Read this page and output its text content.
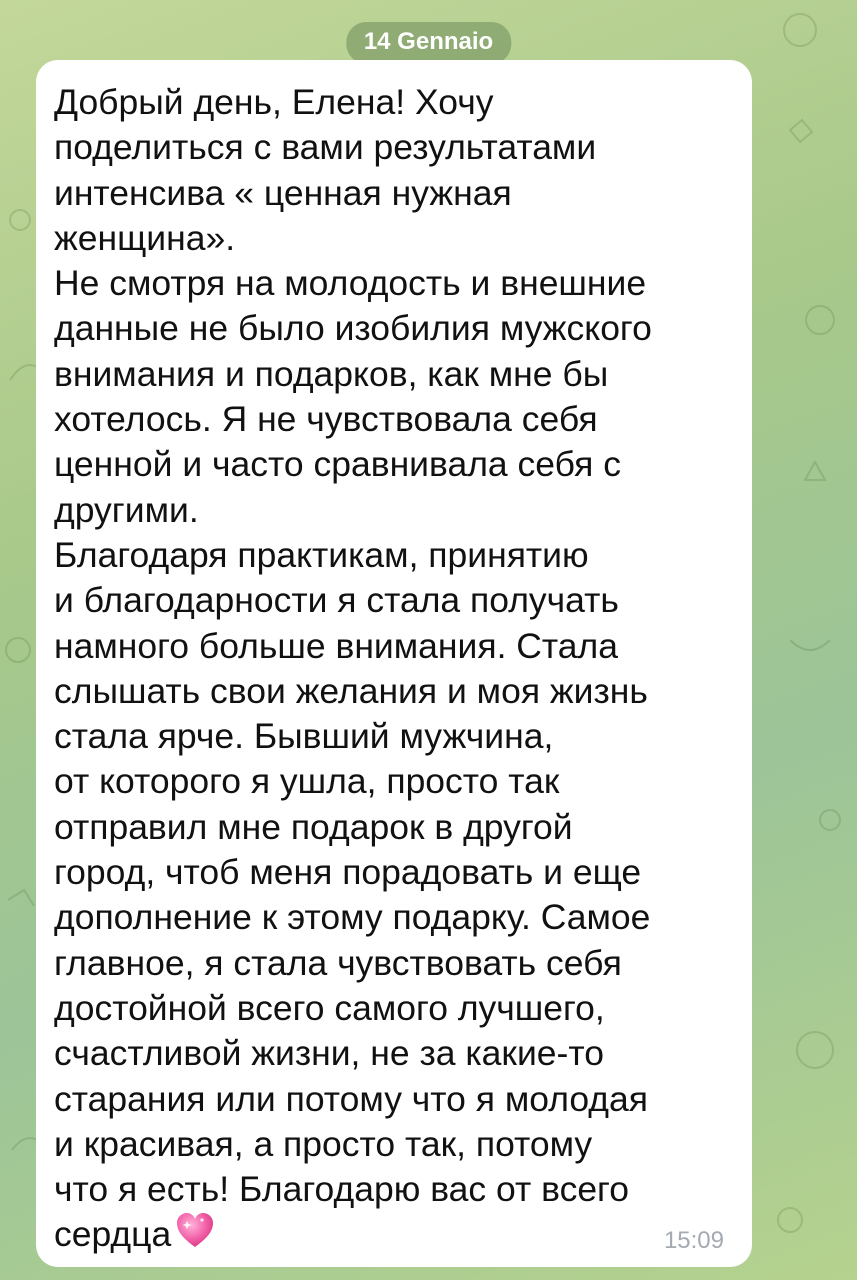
14 Gennaio

Добрый день, Елена! Хочу
поделиться с вами результатами
интенсива « ценная нужная
женщина».
Не смотря на молодость и внешние
данные не было изобилия мужского
внимания и подарков, как мне бы
хотелось. Я не чувствовала себя
ценной и часто сравнивала себя с
другими.
Благодаря практикам, принятию
и благодарности я стала получать
намного больше внимания. Стала
слышать свои желания и моя жизнь
стала ярче. Бывший мужчина,
от которого я ушла, просто так
отправил мне подарок в другой
город, чтоб меня порадовать и еще
дополнение к этому подарку. Самое
главное, я стала чувствовать себя
достойной всего самого лучшего,
счастливой жизни, не за какие-то
старания или потому что я молодая
и красивая, а просто так, потому
что я есть! Благодарю вас от всего
сердца	15:09
